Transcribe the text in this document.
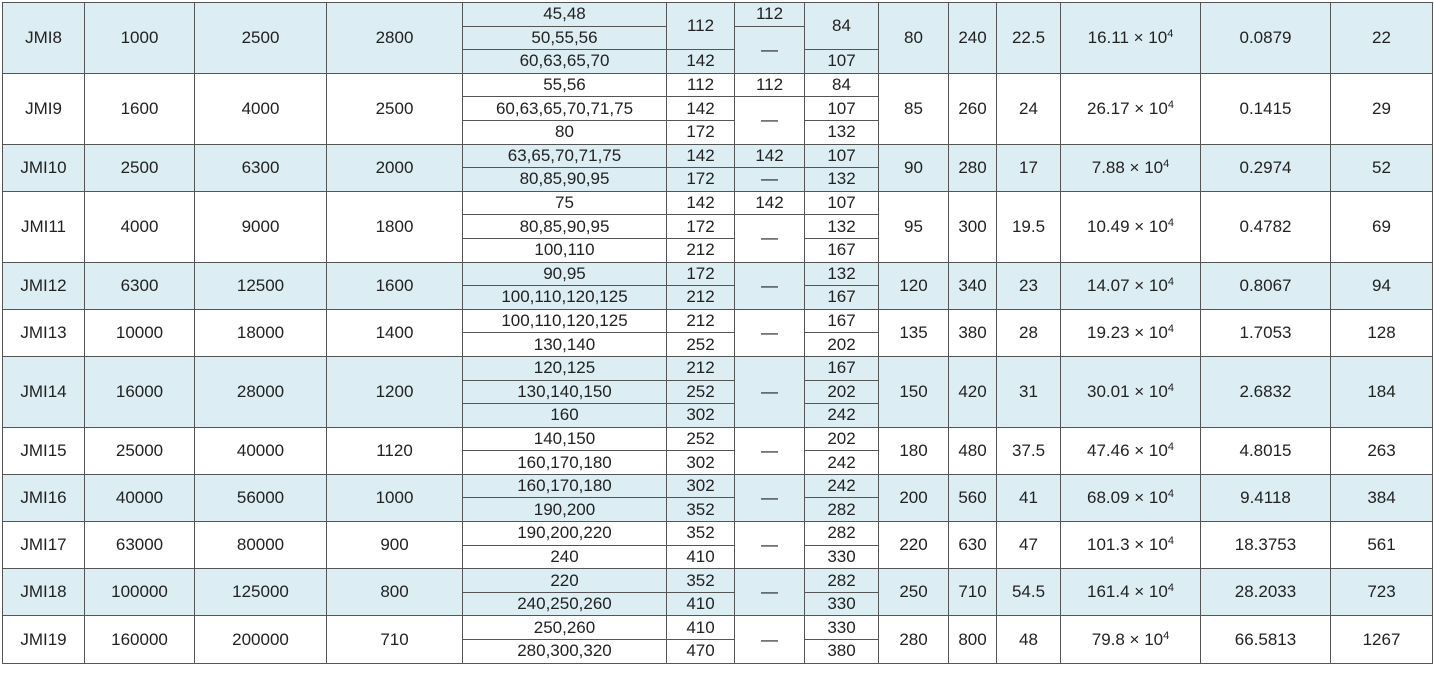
JMI8	1000	2500	2800	45,48	112	112	84	80	240	22.5	$16.11 \times 10^4$	0.0879	22
				50,55,56		—							
				60,63,65,70	142		107						
JMI9	1600	4000	2500	55,56	112	112	84	85	260	24	$26.17 \times 10^4$	0.1415	29
				60,63,65,70,71,75	142	—	107						
				80	172		132						
JMI10	2500	6300	2000	63,65,70,71,75	142	142	107	90	280	17	$7.88 \times 10^4$	0.2974	52
				80,85,90,95	172	—	132						
JMI11	4000	9000	1800	75	142	142	107	95	300	19.5	$10.49 \times 10^4$	0.4782	69
				80,85,90,95	172	—	132						
				100,110	212		167						
JMI12	6300	12500	1600	90,95	172	—	132	120	340	23	$14.07 \times 10^4$	0.8067	94
				100,110,120,125	212		167						
JMI13	10000	18000	1400	100,110,120,125	212	—	167	135	380	28	$19.23 \times 10^4$	1.7053	128
				130,140	252		202						
JMI14	16000	28000	1200	120,125	212	—	167	150	420	31	$30.01 \times 10^4$	2.6832	184
				130,140,150	252		202						
				160	302		242						
JMI15	25000	40000	1120	140,150	252	—	202	180	480	37.5	$47.46 \times 10^4$	4.8015	263
				160,170,180	302		242						
JMI16	40000	56000	1000	160,170,180	302	—	242	200	560	41	$68.09 \times 10^4$	9.4118	384
				190,200	352		282						
JMI17	63000	80000	900	190,200,220	352	—	282	220	630	47	$101.3 \times 10^4$	18.3753	561
				240	410		330						
JMI18	100000	125000	800	220	352	—	282	250	710	54.5	$161.4 \times 10^4$	28.2033	723
				240,250,260	410		330						
JMI19	160000	200000	710	250,260	410	—	330	280	800	48	$79.8 \times 10^4$	66.5813	1267
				280,300,320	470		380						
